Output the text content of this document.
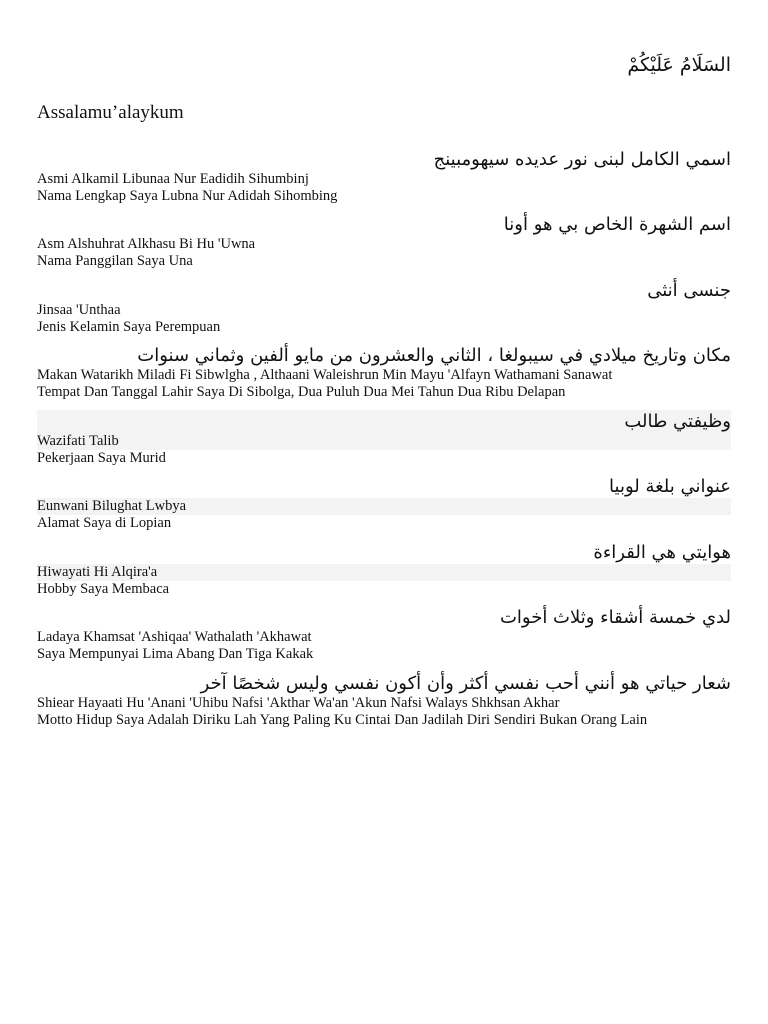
السَلَامُ عَلَيْكُمْ
Assalamu’alaykum
اسمي الكامل لبنى نور عديده سيهومبينج
Asmi Alkamil Libunaa Nur Eadidih Sihumbinj
Nama Lengkap Saya Lubna Nur Adidah Sihombing
اسم الشهرة الخاص بي هو أونا
Asm Alshuhrat Alkhasu Bi Hu 'Uwna
Nama Panggilan Saya Una
جنسى أنثى
Jinsaa 'Unthaa
Jenis Kelamin Saya Perempuan
مكان وتاريخ ميلادي في سيبولغا ، الثاني والعشرون من مايو ألفين وثماني سنوات
Makan Watarikh Miladi Fi Sibwlgha , Althaani Waleishrun Min Mayu 'Alfayn Wathamani Sanawat
Tempat Dan Tanggal Lahir Saya Di Sibolga, Dua Puluh Dua Mei Tahun Dua Ribu Delapan
وظيفتي طالب
Wazifati Talib
Pekerjaan Saya Murid
عنواني بلغة لوبيا
Eunwani Bilughat Lwbya
Alamat Saya di Lopian
هوايتي هي القراءة
Hiwayati Hi Alqira'a
Hobby Saya Membaca
لدي خمسة أشقاء وثلاث أخوات
Ladaya Khamsat 'Ashiqaa' Wathalath 'Akhawat
Saya Mempunyai Lima Abang Dan Tiga Kakak
شعار حياتي هو أنني أحب نفسي أكثر وأن أكون نفسي وليس شخصًا آخر
Shiear Hayaati Hu 'Anani 'Uhibu Nafsi 'Akthar Wa'an 'Akun Nafsi Walays Shkhsan Akhar
Motto Hidup Saya Adalah Diriku Lah Yang Paling Ku Cintai Dan Jadilah Diri Sendiri Bukan Orang Lain
